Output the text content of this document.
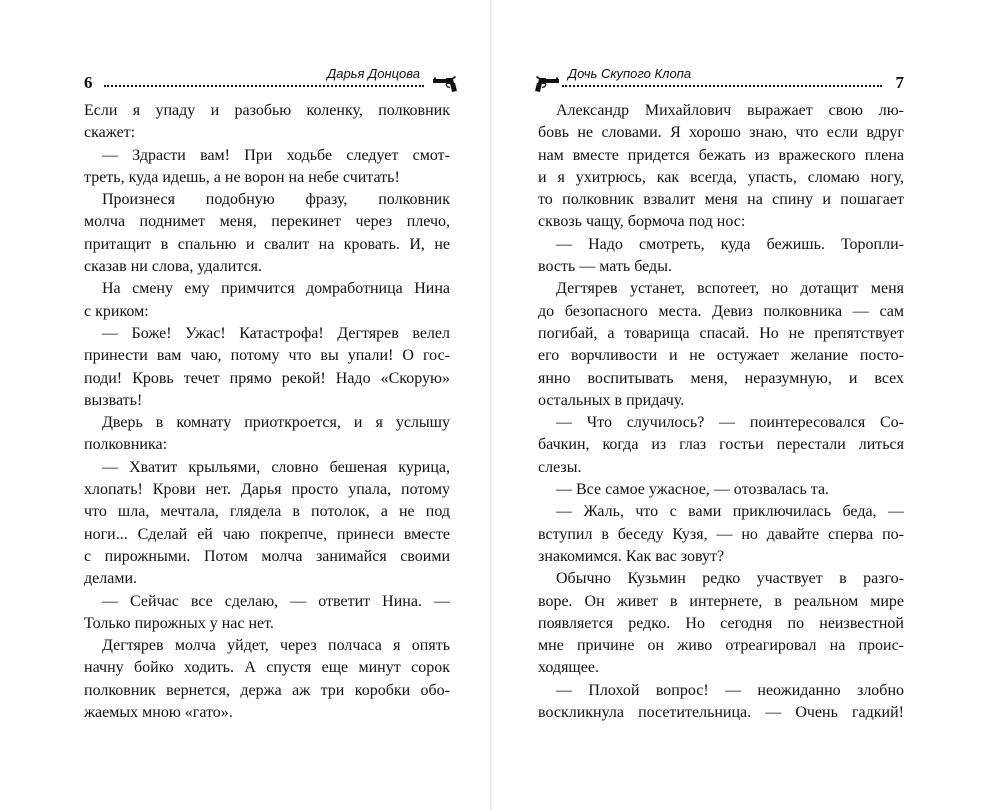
6	Дарья Донцова
Если я упаду и разобью коленку, полковник
скажет:
— Здрасти вам! При ходьбе следует смот-
треть, куда идешь, а не ворон на небе считать!
Произнеся подобную фразу, полковник
молча поднимет меня, перекинет через плечо,
притащит в спальню и свалит на кровать. И, не
сказав ни слова, удалится.
На смену ему примчится домработница Нина
с криком:
— Боже! Ужас! Катастрофа! Дегтярев велел
принести вам чаю, потому что вы упали! О гос-
поди! Кровь течет прямо рекой! Надо «Скорую»
вызвать!
Дверь в комнату приоткроется, и я услышу
полковника:
— Хватит крыльями, словно бешеная курица,
хлопать! Крови нет. Дарья просто упала, потому
что шла, мечтала, глядела в потолок, а не под
ноги... Сделай ей чаю покрепче, принеси вместе
с пирожными. Потом молча занимайся своими
делами.
— Сейчас все сделаю, — ответит Нина. —
Только пирожных у нас нет.
Дегтярев молча уйдет, через полчаса я опять
начну бойко ходить. А спустя еще минут сорок
полковник вернется, держа аж три коробки обо-
жаемых мною «гато».
Дочь Скупого Клопа	7
Александр Михайлович выражает свою лю-
бовь не словами. Я хорошо знаю, что если вдруг
нам вместе придется бежать из вражеского плена
и я ухитрюсь, как всегда, упасть, сломаю ногу,
то полковник взвалит меня на спину и пошагает
сквозь чащу, бормоча под нос:
— Надо смотреть, куда бежишь. Торопли-
вость — мать беды.
Дегтярев устанет, вспотеет, но дотащит меня
до безопасного места. Девиз полковника — сам
погибай, а товарища спасай. Но не препятствует
его ворчливости и не остужает желание посто-
янно воспитывать меня, неразумную, и всех
остальных в придачу.
— Что случилось? — поинтересовался Со-
бачкин, когда из глаз гостьи перестали литься
слезы.
— Все самое ужасное, — отозвалась та.
— Жаль, что с вами приключилась беда, —
вступил в беседу Кузя, — но давайте сперва по-
знакомимся. Как вас зовут?
Обычно Кузьмин редко участвует в разго-
воре. Он живет в интернете, в реальном мире
появляется редко. Но сегодня по неизвестной
мне причине он живо отреагировал на проис-
ходящее.
— Плохой вопрос! — неожиданно злобно
воскликнула посетительница. — Очень гадкий!
